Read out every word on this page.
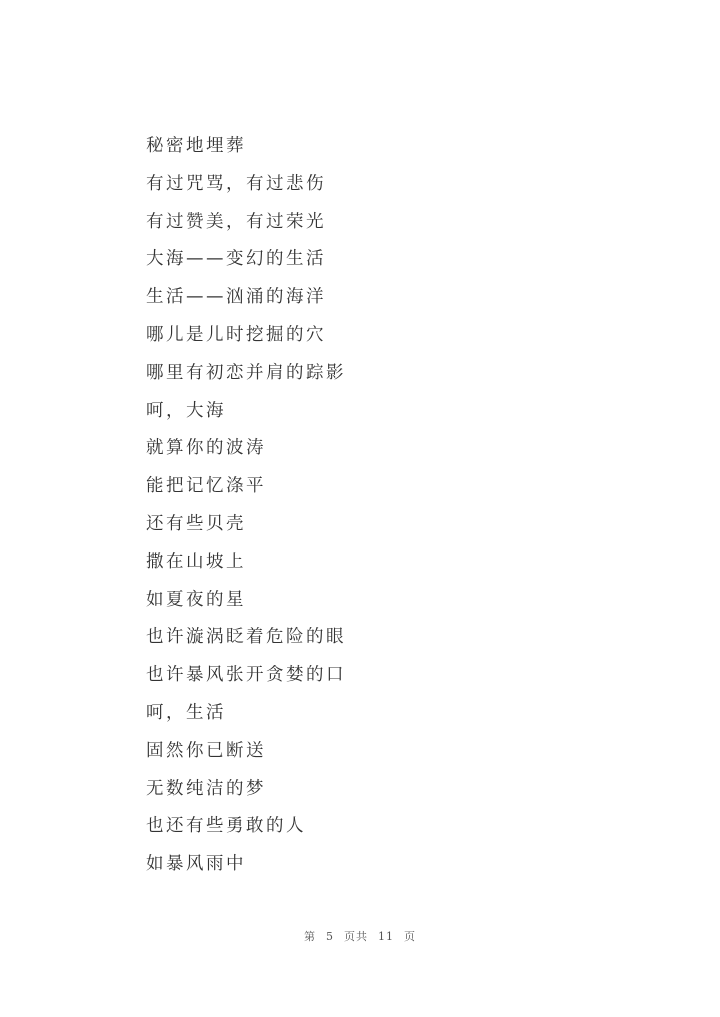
秘密地埋葬
有过咒骂，有过悲伤
有过赞美，有过荣光
大海——变幻的生活
生活——汹涌的海洋
哪儿是儿时挖掘的穴
哪里有初恋并肩的踪影
呵，大海
就算你的波涛
能把记忆涤平
还有些贝壳
撒在山坡上
如夏夜的星
也许漩涡眨着危险的眼
也许暴风张开贪婪的口
呵，生活
固然你已断送
无数纯洁的梦
也还有些勇敢的人
如暴风雨中
第 5 页共 11 页
